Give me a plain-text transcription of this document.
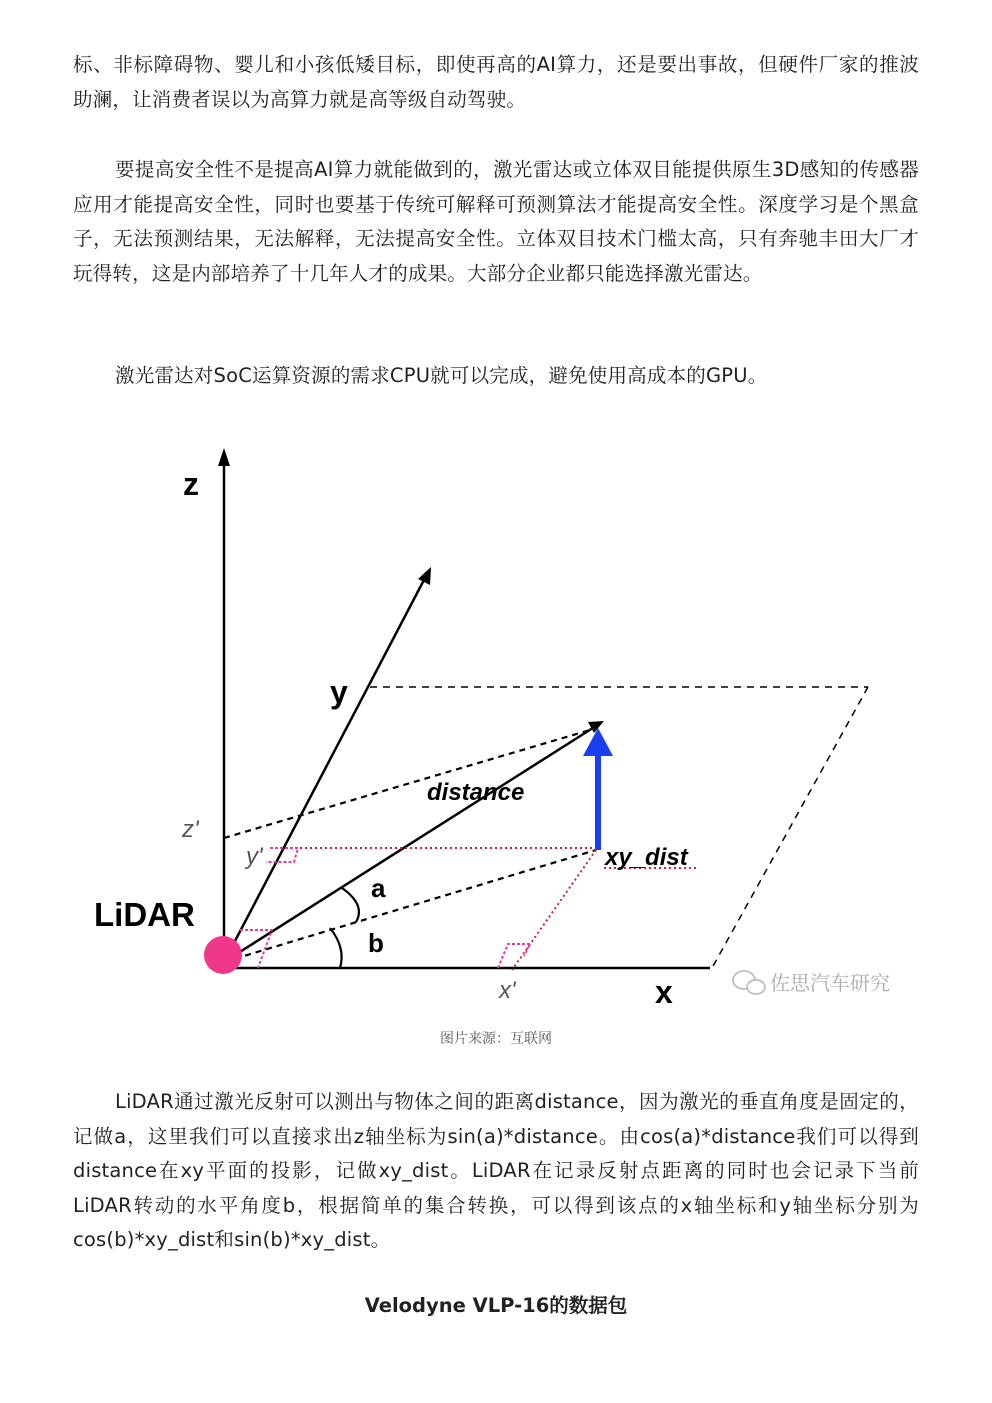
标、非标障碍物、婴儿和小孩低矮目标，即使再高的AI算力，还是要出事故，但硬件厂家的推波助澜，让消费者误以为高算力就是高等级自动驾驶。

要提高安全性不是提高AI算力就能做到的，激光雷达或立体双目能提供原生3D感知的传感器应用才能提高安全性，同时也要基于传统可解释可预测算法才能提高安全性。深度学习是个黑盒子，无法预测结果，无法解释，无法提高安全性。立体双目技术门槛太高，只有奔驰丰田大厂才玩得转，这是内部培养了十几年人才的成果。大部分企业都只能选择激光雷达。

激光雷达对SoC运算资源的需求CPU就可以完成，避免使用高成本的GPU。

z
y
x
z'
y'
x'
distance
xy_dist
a
b
LiDAR
佐思汽车研究
图片来源：互联网

LiDAR通过激光反射可以测出与物体之间的距离distance，因为激光的垂直角度是固定的，记做a，这里我们可以直接求出z轴坐标为sin(a)*distance。由cos(a)*distance我们可以得到distance在xy平面的投影，记做xy_dist。LiDAR在记录反射点距离的同时也会记录下当前LiDAR转动的水平角度b，根据简单的集合转换，可以得到该点的x轴坐标和y轴坐标分别为cos(b)*xy_dist和sin(b)*xy_dist。

Velodyne VLP-16的数据包
